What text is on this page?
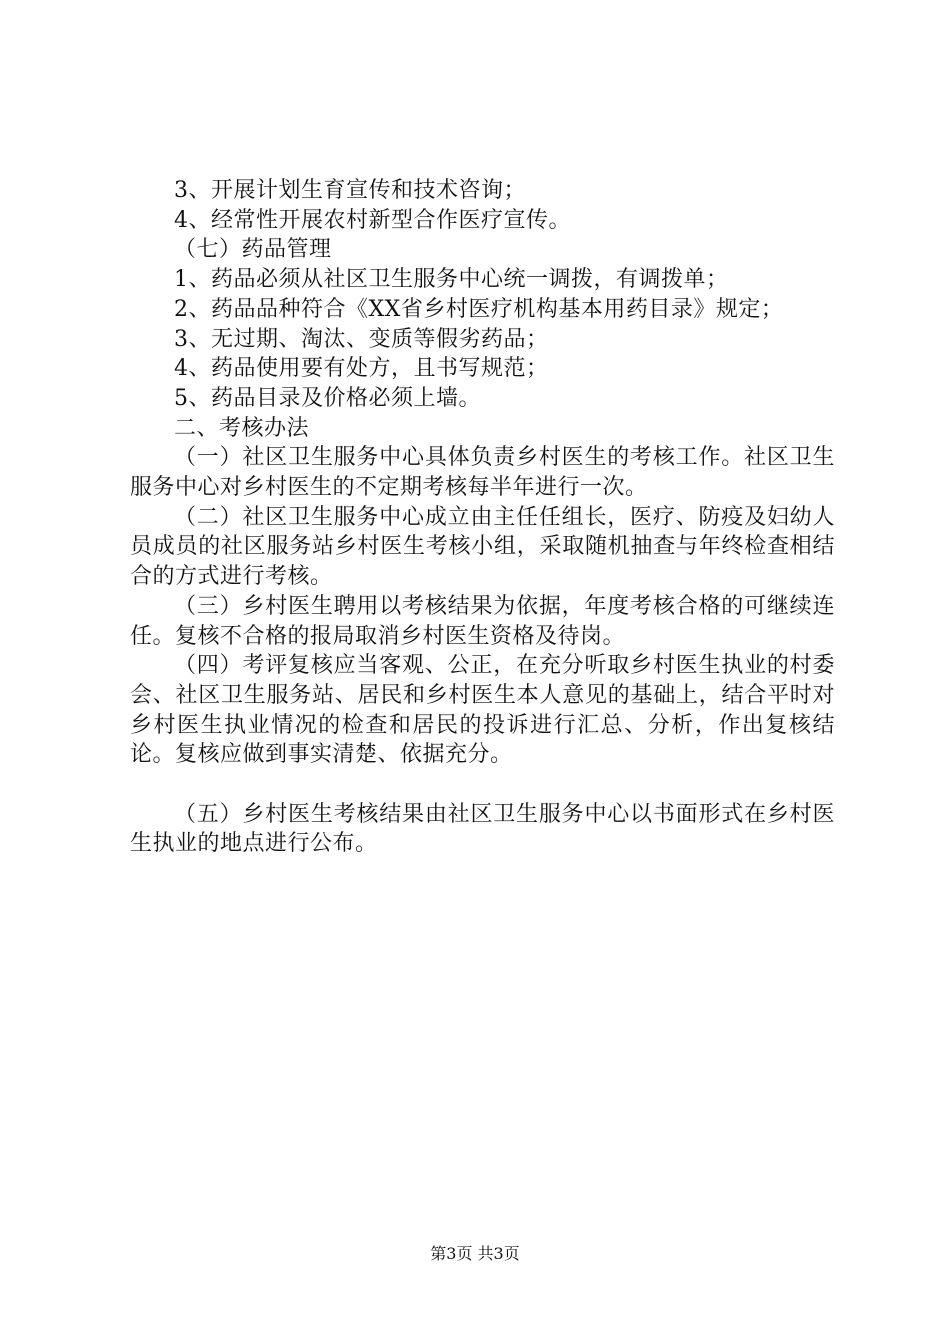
3、开展计划生育宣传和技术咨询；

4、经常性开展农村新型合作医疗宣传。

（七）药品管理

1、药品必须从社区卫生服务中心统一调拨，有调拨单；

2、药品品种符合《XX省乡村医疗机构基本用药目录》规定；

3、无过期、淘汰、变质等假劣药品；

4、药品使用要有处方，且书写规范；

5、药品目录及价格必须上墙。

二、考核办法

（一）社区卫生服务中心具体负责乡村医生的考核工作。社区卫生服务中心对乡村医生的不定期考核每半年进行一次。

（二）社区卫生服务中心成立由主任任组长，医疗、防疫及妇幼人员成员的社区服务站乡村医生考核小组，采取随机抽查与年终检查相结合的方式进行考核。

（三）乡村医生聘用以考核结果为依据，年度考核合格的可继续连任。复核不合格的报局取消乡村医生资格及待岗。

（四）考评复核应当客观、公正，在充分听取乡村医生执业的村委会、社区卫生服务站、居民和乡村医生本人意见的基础上，结合平时对乡村医生执业情况的检查和居民的投诉进行汇总、分析，作出复核结论。复核应做到事实清楚、依据充分。

（五）乡村医生考核结果由社区卫生服务中心以书面形式在乡村医生执业的地点进行公布。

第3页 共3页
